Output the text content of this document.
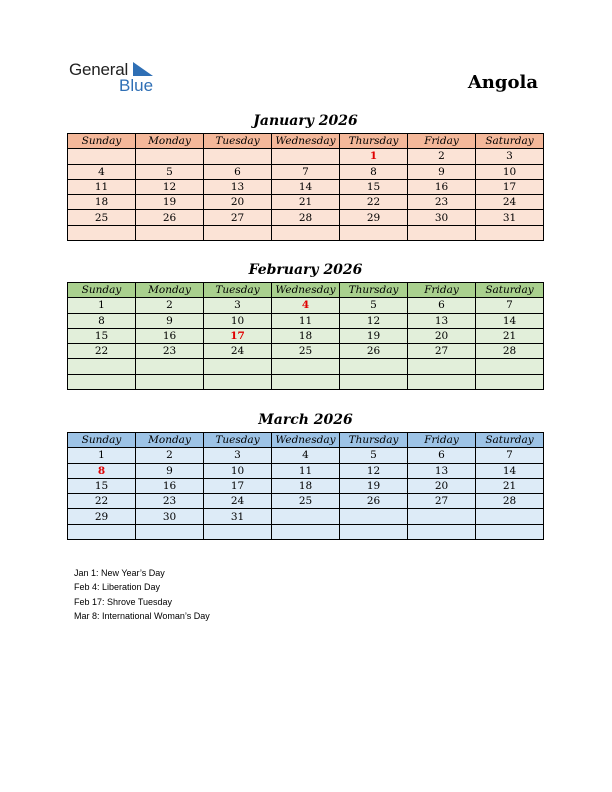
General
Blue	Angola
January 2026
Sunday	Monday	Tuesday	Wednesday	Thursday	Friday	Saturday
				1	2	3
4	5	6	7	8	9	10
11	12	13	14	15	16	17
18	19	20	21	22	23	24
25	26	27	28	29	30	31

February 2026
Sunday	Monday	Tuesday	Wednesday	Thursday	Friday	Saturday
1	2	3	4	5	6	7
8	9	10	11	12	13	14
15	16	17	18	19	20	21
22	23	24	25	26	27	28

March 2026
Sunday	Monday	Tuesday	Wednesday	Thursday	Friday	Saturday
1	2	3	4	5	6	7
8	9	10	11	12	13	14
15	16	17	18	19	20	21
22	23	24	25	26	27	28
29	30	31				

Jan 1: New Year’s Day
Feb 4: Liberation Day
Feb 17: Shrove Tuesday
Mar 8: International Woman’s Day
